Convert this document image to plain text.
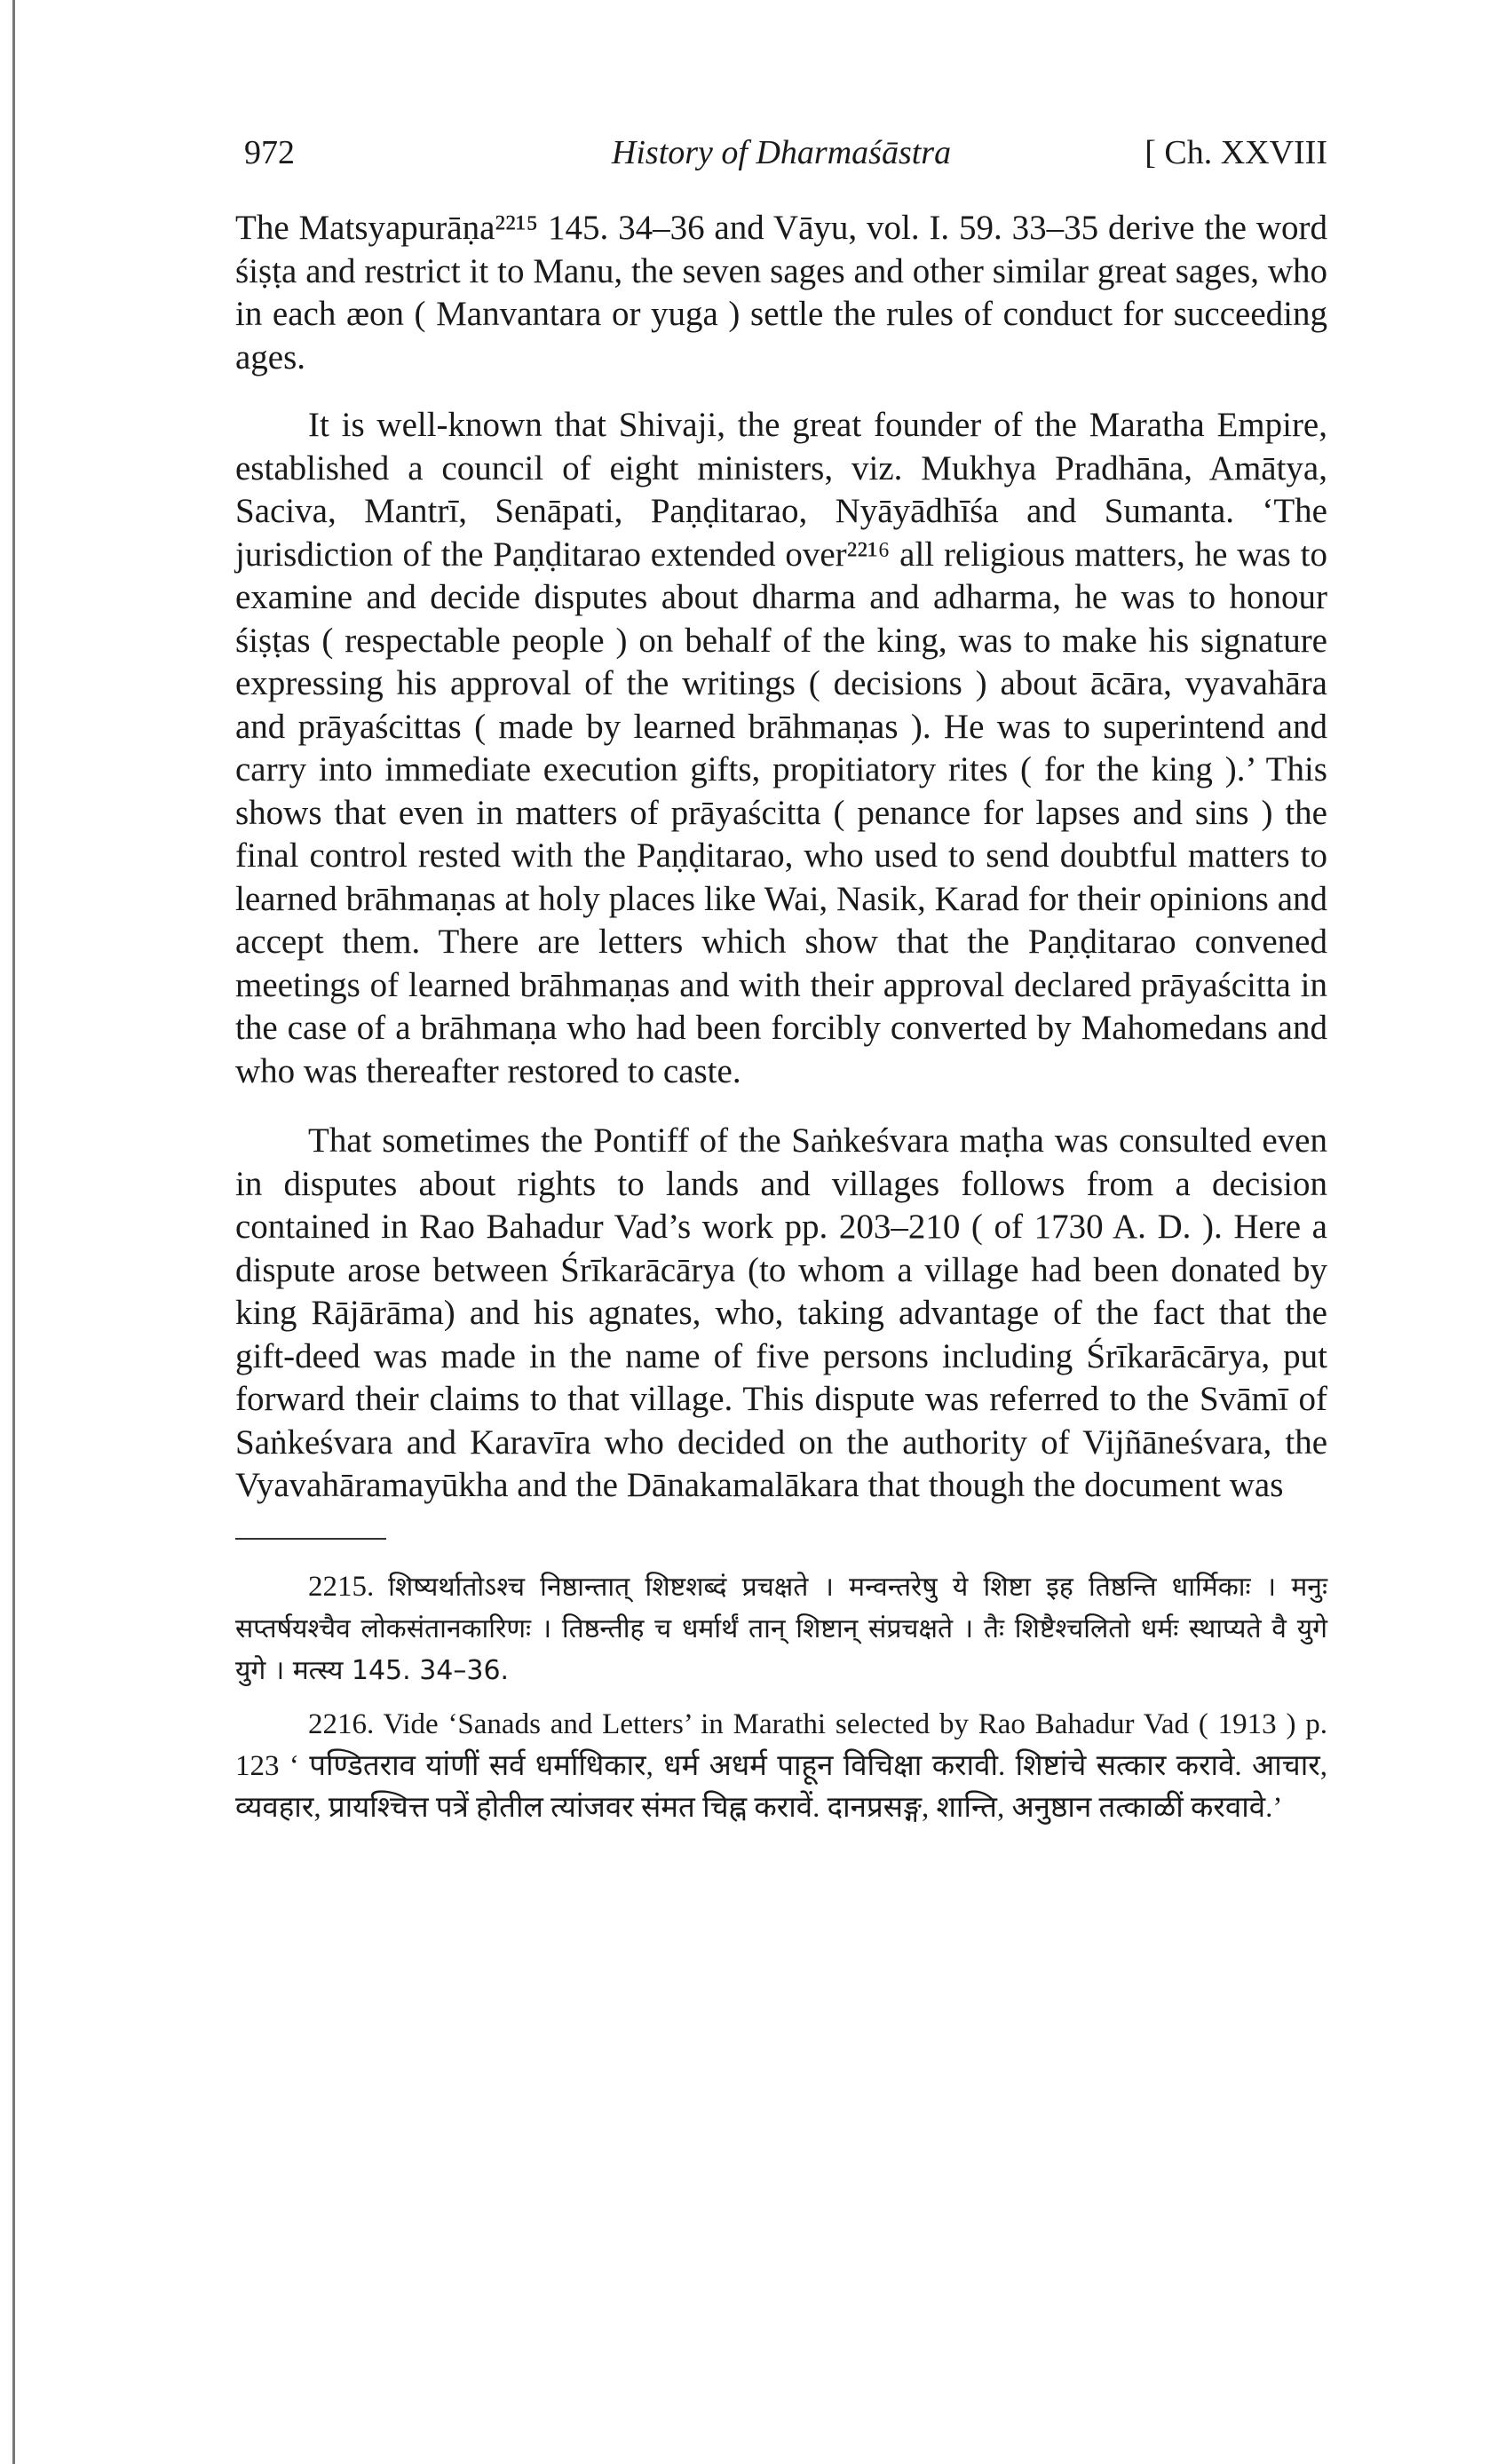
972	History of Dharmaśāstra	[ Ch. XXVIII

The Matsyapurāṇa²²¹⁵ 145. 34–36 and Vāyu, vol. I. 59. 33–35 derive the word śiṣṭa and restrict it to Manu, the seven sages and other similar great sages, who in each æon ( Manvantara or yuga ) settle the rules of conduct for succeeding ages.

It is well-known that Shivaji, the great founder of the Maratha Empire, established a council of eight ministers, viz. Mukhya Pradhāna, Amātya, Saciva, Mantrī, Senāpati, Paṇḍitarao, Nyāyādhīśa and Sumanta. ‘The jurisdiction of the Paṇḍitarao extended over²²¹⁶ all religious matters, he was to examine and decide disputes about dharma and adharma, he was to honour śiṣṭas ( respectable people ) on behalf of the king, was to make his signature expressing his approval of the writings ( decisions ) about ācāra, vyavahāra and prāyaścittas ( made by learned brāhmaṇas ). He was to superintend and carry into immediate execution gifts, propitiatory rites ( for the king ).’ This shows that even in matters of prāyaścitta ( penance for lapses and sins ) the final control rested with the Paṇḍitarao, who used to send doubtful matters to learned brāhmaṇas at holy places like Wai, Nasik, Karad for their opinions and accept them. There are letters which show that the Paṇḍitarao convened meetings of learned brāhmaṇas and with their approval declared prāyaścitta in the case of a brāhmaṇa who had been forcibly converted by Mahomedans and who was thereafter restored to caste.

That sometimes the Pontiff of the Saṅkeśvara maṭha was consulted even in disputes about rights to lands and villages follows from a decision contained in Rao Bahadur Vad’s work pp. 203–210 ( of 1730 A. D. ). Here a dispute arose between Śrīkarācārya (to whom a village had been donated by king Rājārāma) and his agnates, who, taking advantage of the fact that the gift-deed was made in the name of five persons including Śrīkarācārya, put forward their claims to that village. This dispute was referred to the Svāmī of Saṅkeśvara and Karavīra who decided on the authority of Vijñāneśvara, the Vyavahāramayūkha and the Dānakamalākara that though the document was

2215. शिष्यर्थातोऽश्च निष्ठान्तात् शिष्टशब्दं प्रचक्षते । मन्वन्तरेषु ये शिष्टा इह तिष्ठन्ति धार्मिकाः । मनुः सप्तर्षयश्चैव लोकसंतानकारिणः । तिष्ठन्तीह च धर्मार्थं तान् शिष्टान् संप्रचक्षते । तैः शिष्टैश्चलितो धर्मः स्थाप्यते वै युगे युगे । मत्स्य 145. 34–36.

2216. Vide ‘Sanads and Letters’ in Marathi selected by Rao Bahadur Vad ( 1913 ) p. 123 ‘ पण्डितराव यांणीं सर्व धर्माधिकार, धर्म अधर्म पाहून विचिक्षा करावी. शिष्टांचे सत्कार करावे. आचार, व्यवहार, प्रायश्चित्त पत्रें होतील त्यांजवर संमत चिह्न करावें. दानप्रसङ्ग, शान्ति, अनुष्ठान तत्काळीं करवावे.’
